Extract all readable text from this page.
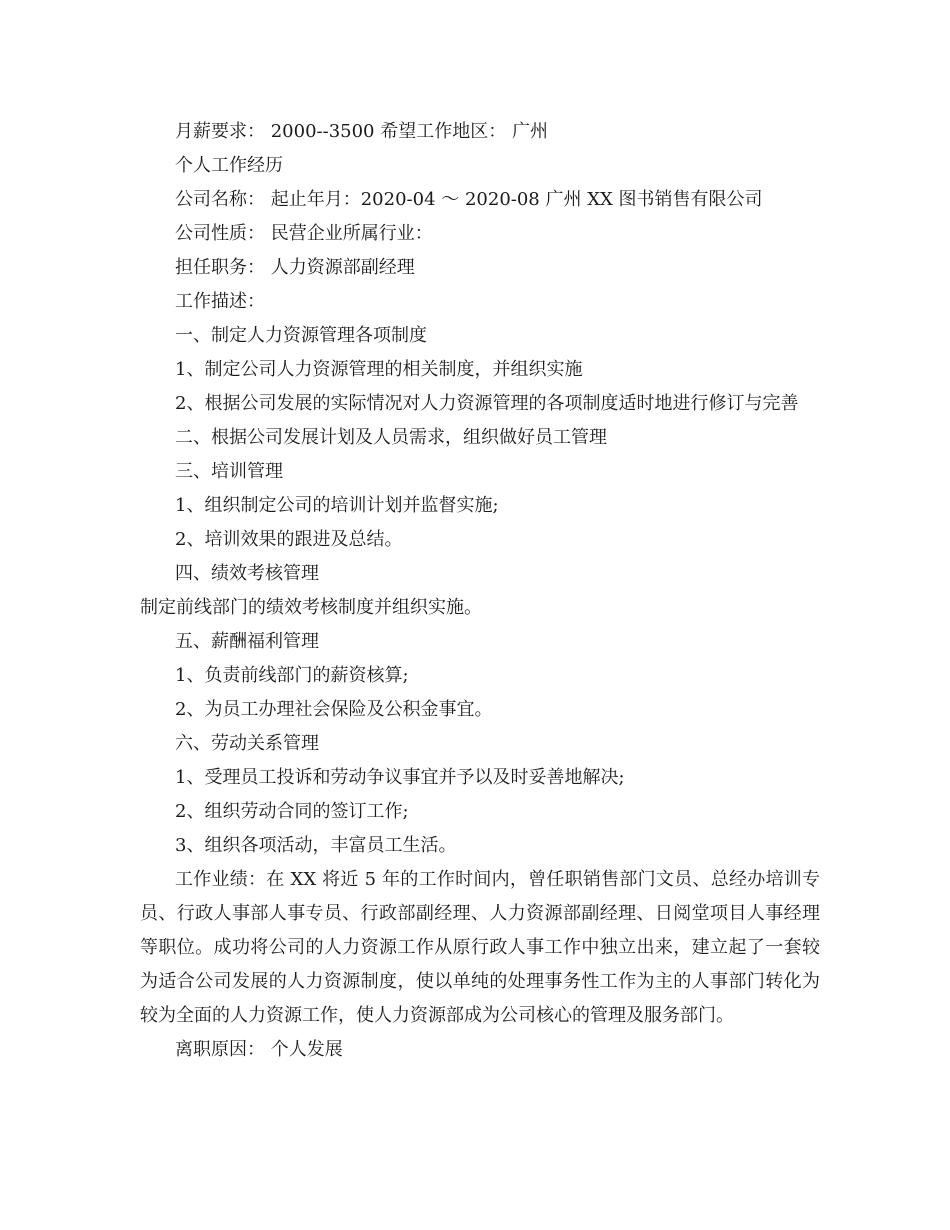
月薪要求： 2000--3500 希望工作地区： 广州
个人工作经历
公司名称： 起止年月：2020-04 ～ 2020-08 广州 XX 图书销售有限公司
公司性质： 民营企业所属行业：
担任职务： 人力资源部副经理
工作描述：
一、制定人力资源管理各项制度
1、制定公司人力资源管理的相关制度，并组织实施

2、根据公司发展的实际情况对人力资源管理的各项制度适时地进行修订与完善

二、根据公司发展计划及人员需求，组织做好员工管理
三、培训管理
1、组织制定公司的培训计划并监督实施;
2、培训效果的跟进及总结。
四、绩效考核管理
制定前线部门的绩效考核制度并组织实施。
五、薪酬福利管理
1、负责前线部门的薪资核算;
2、为员工办理社会保险及公积金事宜。
六、劳动关系管理
1、受理员工投诉和劳动争议事宜并予以及时妥善地解决;
2、组织劳动合同的签订工作;
3、组织各项活动，丰富员工生活。

工作业绩：在 XX 将近 5 年的工作时间内，曾任职销售部门文员、总经办培训专员、行政人事部人事专员、行政部副经理、人力资源部副经理、日阅堂项目人事经理等职位。成功将公司的人力资源工作从原行政人事工作中独立出来，建立起了一套较为适合公司发展的人力资源制度，使以单纯的处理事务性工作为主的人事部门转化为较为全面的人力资源工作，使人力资源部成为公司核心的管理及服务部门。

离职原因： 个人发展
